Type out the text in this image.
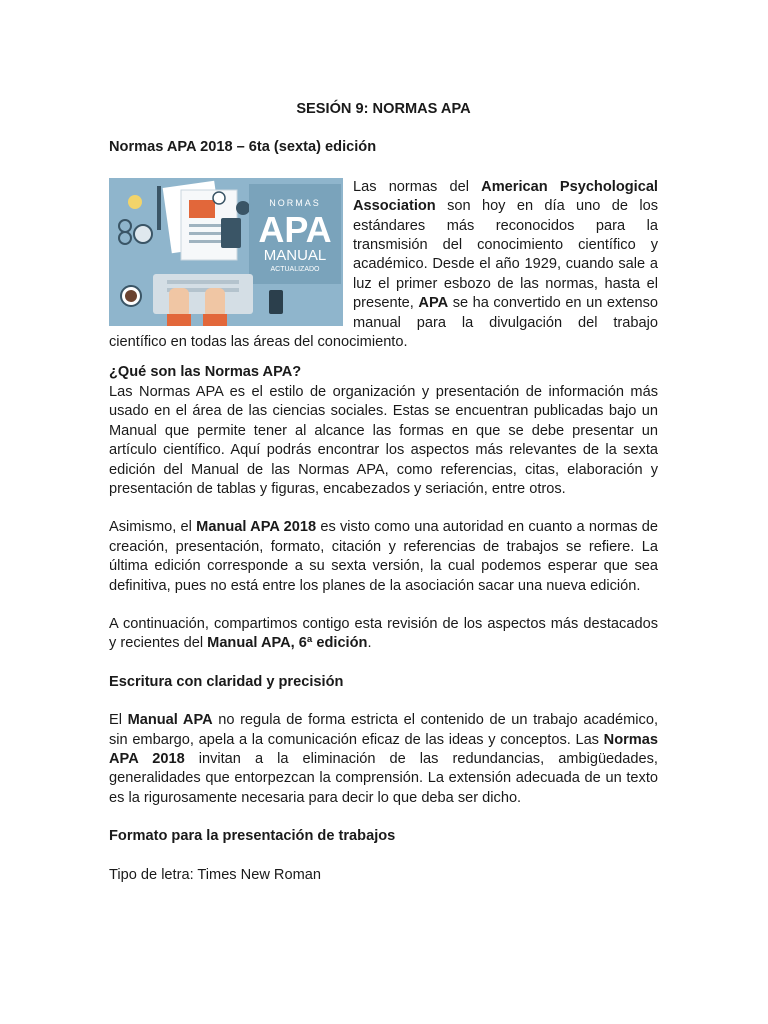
SESIÓN 9: NORMAS APA
Normas APA 2018 – 6ta (sexta) edición
NORMAS
APA
MANUAL
ACTUALIZADO
Las normas del American Psychological Association son hoy en día uno de los estándares más reconocidos para la transmisión del conocimiento científico y académico. Desde el año 1929, cuando sale a luz el primer esbozo de las normas, hasta el presente, APA se ha convertido en un extenso manual para la divulgación del trabajo científico en todas las áreas del conocimiento.
¿Qué son las Normas APA?

Las Normas APA es el estilo de organización y presentación de información más usado en el área de las ciencias sociales. Estas se encuentran publicadas bajo un Manual que permite tener al alcance las formas en que se debe presentar un artículo científico. Aquí podrás encontrar los aspectos más relevantes de la sexta edición del Manual de las Normas APA, como referencias, citas, elaboración y presentación de tablas y figuras, encabezados y seriación, entre otros.

Asimismo, el Manual APA 2018 es visto como una autoridad en cuanto a normas de creación, presentación, formato, citación y referencias de trabajos se refiere. La última edición corresponde a su sexta versión, la cual podemos esperar que sea definitiva, pues no está entre los planes de la asociación sacar una nueva edición.

A continuación, compartimos contigo esta revisión de los aspectos más destacados y recientes del Manual APA, 6ª edición.

Escritura con claridad y precisión

El Manual APA no regula de forma estricta el contenido de un trabajo académico, sin embargo, apela a la comunicación eficaz de las ideas y conceptos. Las Normas APA 2018 invitan a la eliminación de las redundancias, ambigüedades, generalidades que entorpezcan la comprensión. La extensión adecuada de un texto es la rigurosamente necesaria para decir lo que deba ser dicho.

Formato para la presentación de trabajos

Tipo de letra: Times New Roman
